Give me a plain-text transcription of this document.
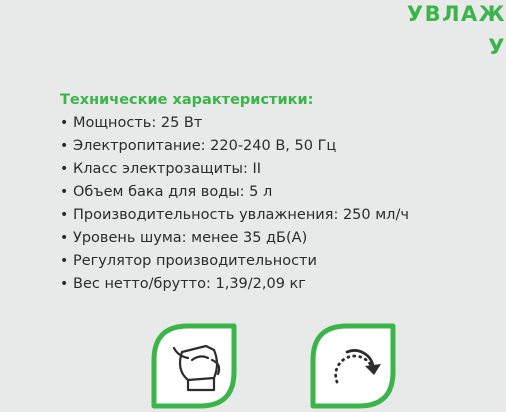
УВЛАЖ
У
Технические характеристики:
• Мощность: 25 Вт
• Электропитание: 220-240 В, 50 Гц
• Класс электрозащиты: II
• Объем бака для воды: 5 л
• Производительность увлажнения: 250 мл/ч
• Уровень шума: менее 35 дБ(А)
• Регулятор производительности
• Вес нетто/брутто: 1,39/2,09 кг
